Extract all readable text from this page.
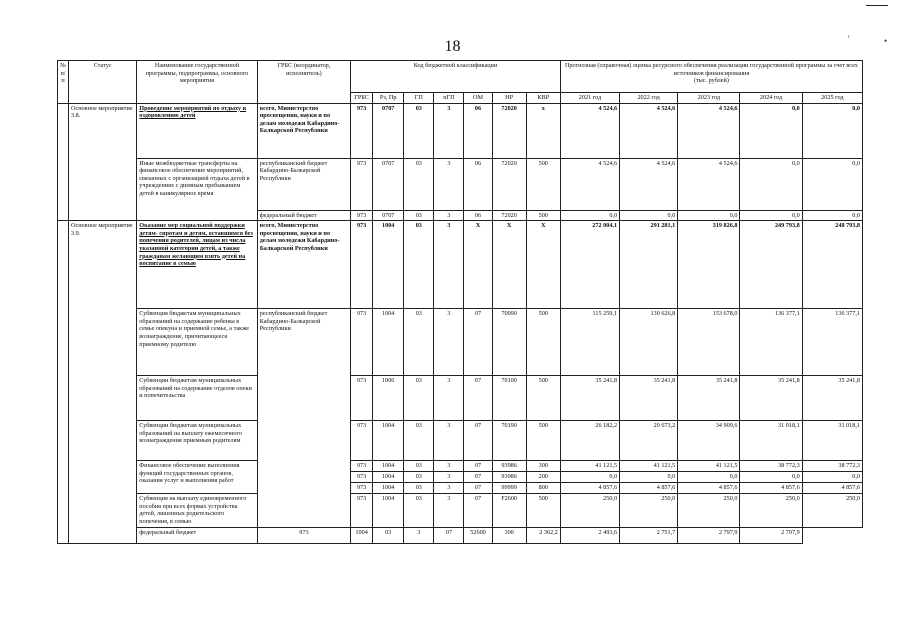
18	'	•
№ п/п	Статус	Наименование государственной программы, подпрограммы, основного мероприятия	ГРБС (координатор, исполнитель)	Код бюджетной классификации							Прогнозная (справочная) оценка ресурсного обеспечения реализации государственной программы за счет всех источников финансирования
(тыс. рублей)				

				ГРБС	Рз, Пр	ГП	пГП	ОМ	НР	КВР	2021 год	2022 год	2023 год	2024 год	2025 год
	Основное мероприятие 3.8.	Проведение мероприятий по отдыху и оздоровлению детей	всего, Министерство просвещения, науки и по делам молодежи Кабардино-Балкарской Республики	973	0707	03	3	06	72020	x	4 524,6	4 524,6	4 524,6	0,0	0,0
		Иные межбюджетные трансферты на финансовое обеспечение мероприятий, связанных с организацией отдыха детей в учреждениях с дневным пребыванием детей в каникулярное время	республиканский бюджет Кабардино-Балкарской Республики	973	0707	03	3	06	72020	500	4 524,6	4 524,6	4 524,6	0,0	0,0
			федеральный бюджет	973	0707	03	3	06	72020	500	0,0	0,0	0,0	0,0	0,0
	Основное мероприятие 3.9.	Оказание мер социальной поддержки детям- сиротам и детям, оставшимся без попечения родителей, лицам из числа указанной категории детей, а также гражданам желающим взять детей на воспитание в семью	всего, Министерство просвещения, науки и по делам молодежи Кабардино-Балкарской Республики	973	1004	03	3	X	X	X	272 004,1	291 281,1	319 826,8	249 793,8	248 793,8
		Субвенция бюджетам муниципальных образований на содержание ребенка в семье опекуна и приемной семье, а также вознаграждение, причитающееся приемному родителю	республиканский бюджет Кабардино-Балкарской Республики	973	1004	03	3	07	70090	500	115 259,1	130 626,8	153 678,0	136 377,1	136 377,1
		Субвенции бюджетам муниципальных образований на содержание отделов опеки и попечительства		973	1006	03	3	07	70100	500	35 241,8	35 241,8	35 241,8	35 241,8	35 241,8
		Субвенции бюджетам муниципальных образований на выплату ежемесячного вознаграждения приемным родителям		973	1004	03	3	07	70190	500	26 182,2	29 673,2	34 909,6	31 018,1	31 018,1
		Финансовое обеспечение выполнения функций государственных органов, оказания услуг и выполнения работ		973	1004	03	3	07	93986	300	41 121,5	41 121,5	41 121,5	38 772,3	38 772,3
				973	1004	03	3	07	93986	200	0,0	0,0	0,0	0,0	0,0
				973	1004	03	3	07	99999	800	4 857,6	4 857,6	4 857,6	4 857,6	4 857,6
		Субвенция на выплату единовременного пособия при всех формах устройства детей, лишенных родительского попечения, в семью		973	1004	03	3	07	F2600	500	250,0	250,0	250,0	250,0	250,0
		федеральный бюджет	973	1004	03	3	07	52600	300	2 362,2	2 493,6	2 751,7	2 797,9	2 797,9	
